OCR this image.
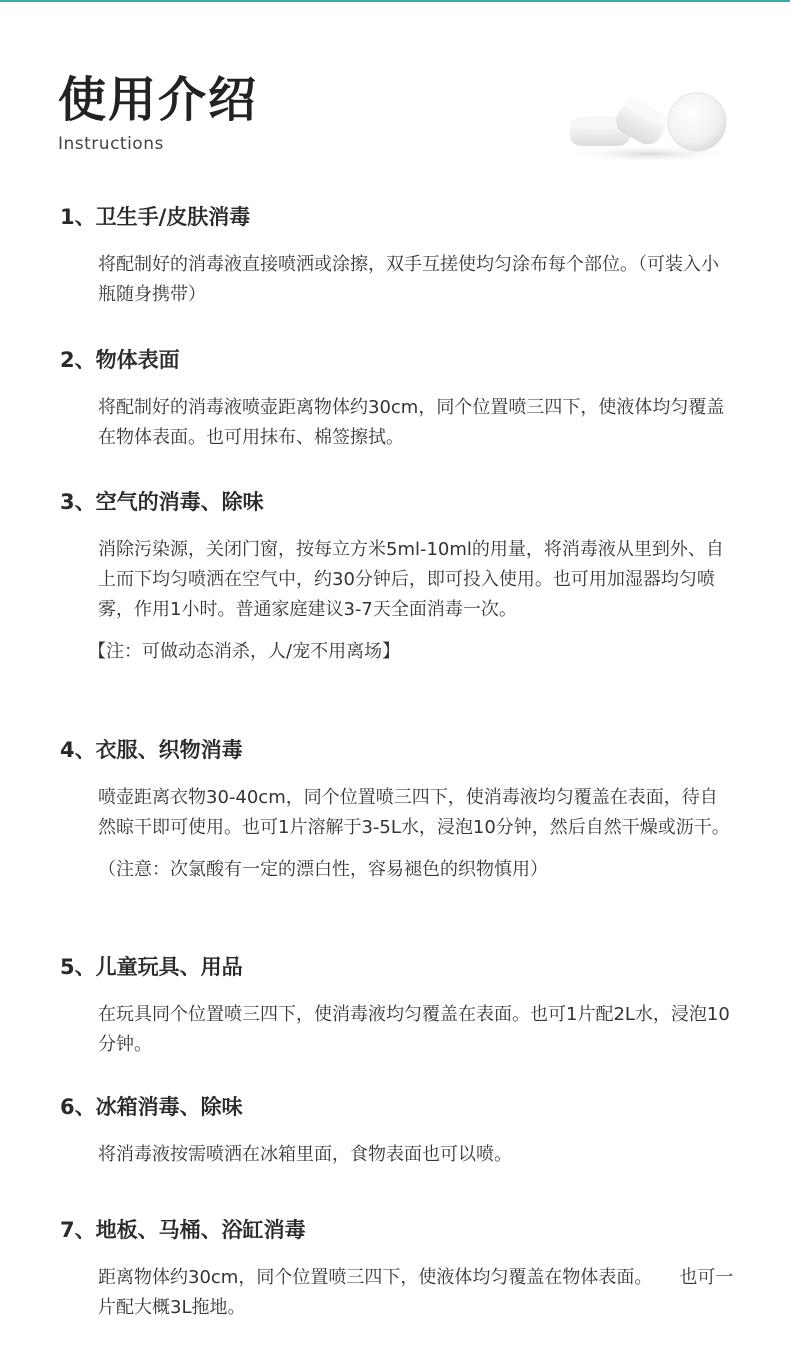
使用介绍
Instructions
1、卫生手/皮肤消毒

将配制好的消毒液直接喷洒或涂擦，双手互搓使均匀涂布每个部位。（可装入小瓶随身携带）

2、物体表面

将配制好的消毒液喷壶距离物体约30cm，同个位置喷三四下，使液体均匀覆盖在物体表面。也可用抹布、棉签擦拭。

3、空气的消毒、除味

消除污染源，关闭门窗，按每立方米5ml-10ml的用量，将消毒液从里到外、自上而下均匀喷洒在空气中，约30分钟后，即可投入使用。也可用加湿器均匀喷雾，作用1小时。普通家庭建议3-7天全面消毒一次。

【注：可做动态消杀，人/宠不用离场】

4、衣服、织物消毒

喷壶距离衣物30-40cm，同个位置喷三四下，使消毒液均匀覆盖在表面，待自然晾干即可使用。也可1片溶解于3-5L水，浸泡10分钟，然后自然干燥或沥干。

（注意：次氯酸有一定的漂白性，容易褪色的织物慎用）

5、儿童玩具、用品

在玩具同个位置喷三四下，使消毒液均匀覆盖在表面。也可1片配2L水，浸泡10分钟。

6、冰箱消毒、除味

将消毒液按需喷洒在冰箱里面，食物表面也可以喷。

7、地板、马桶、浴缸消毒

距离物体约30cm，同个位置喷三四下，使液体均匀覆盖在物体表面。　　也可一片配大概3L拖地。
